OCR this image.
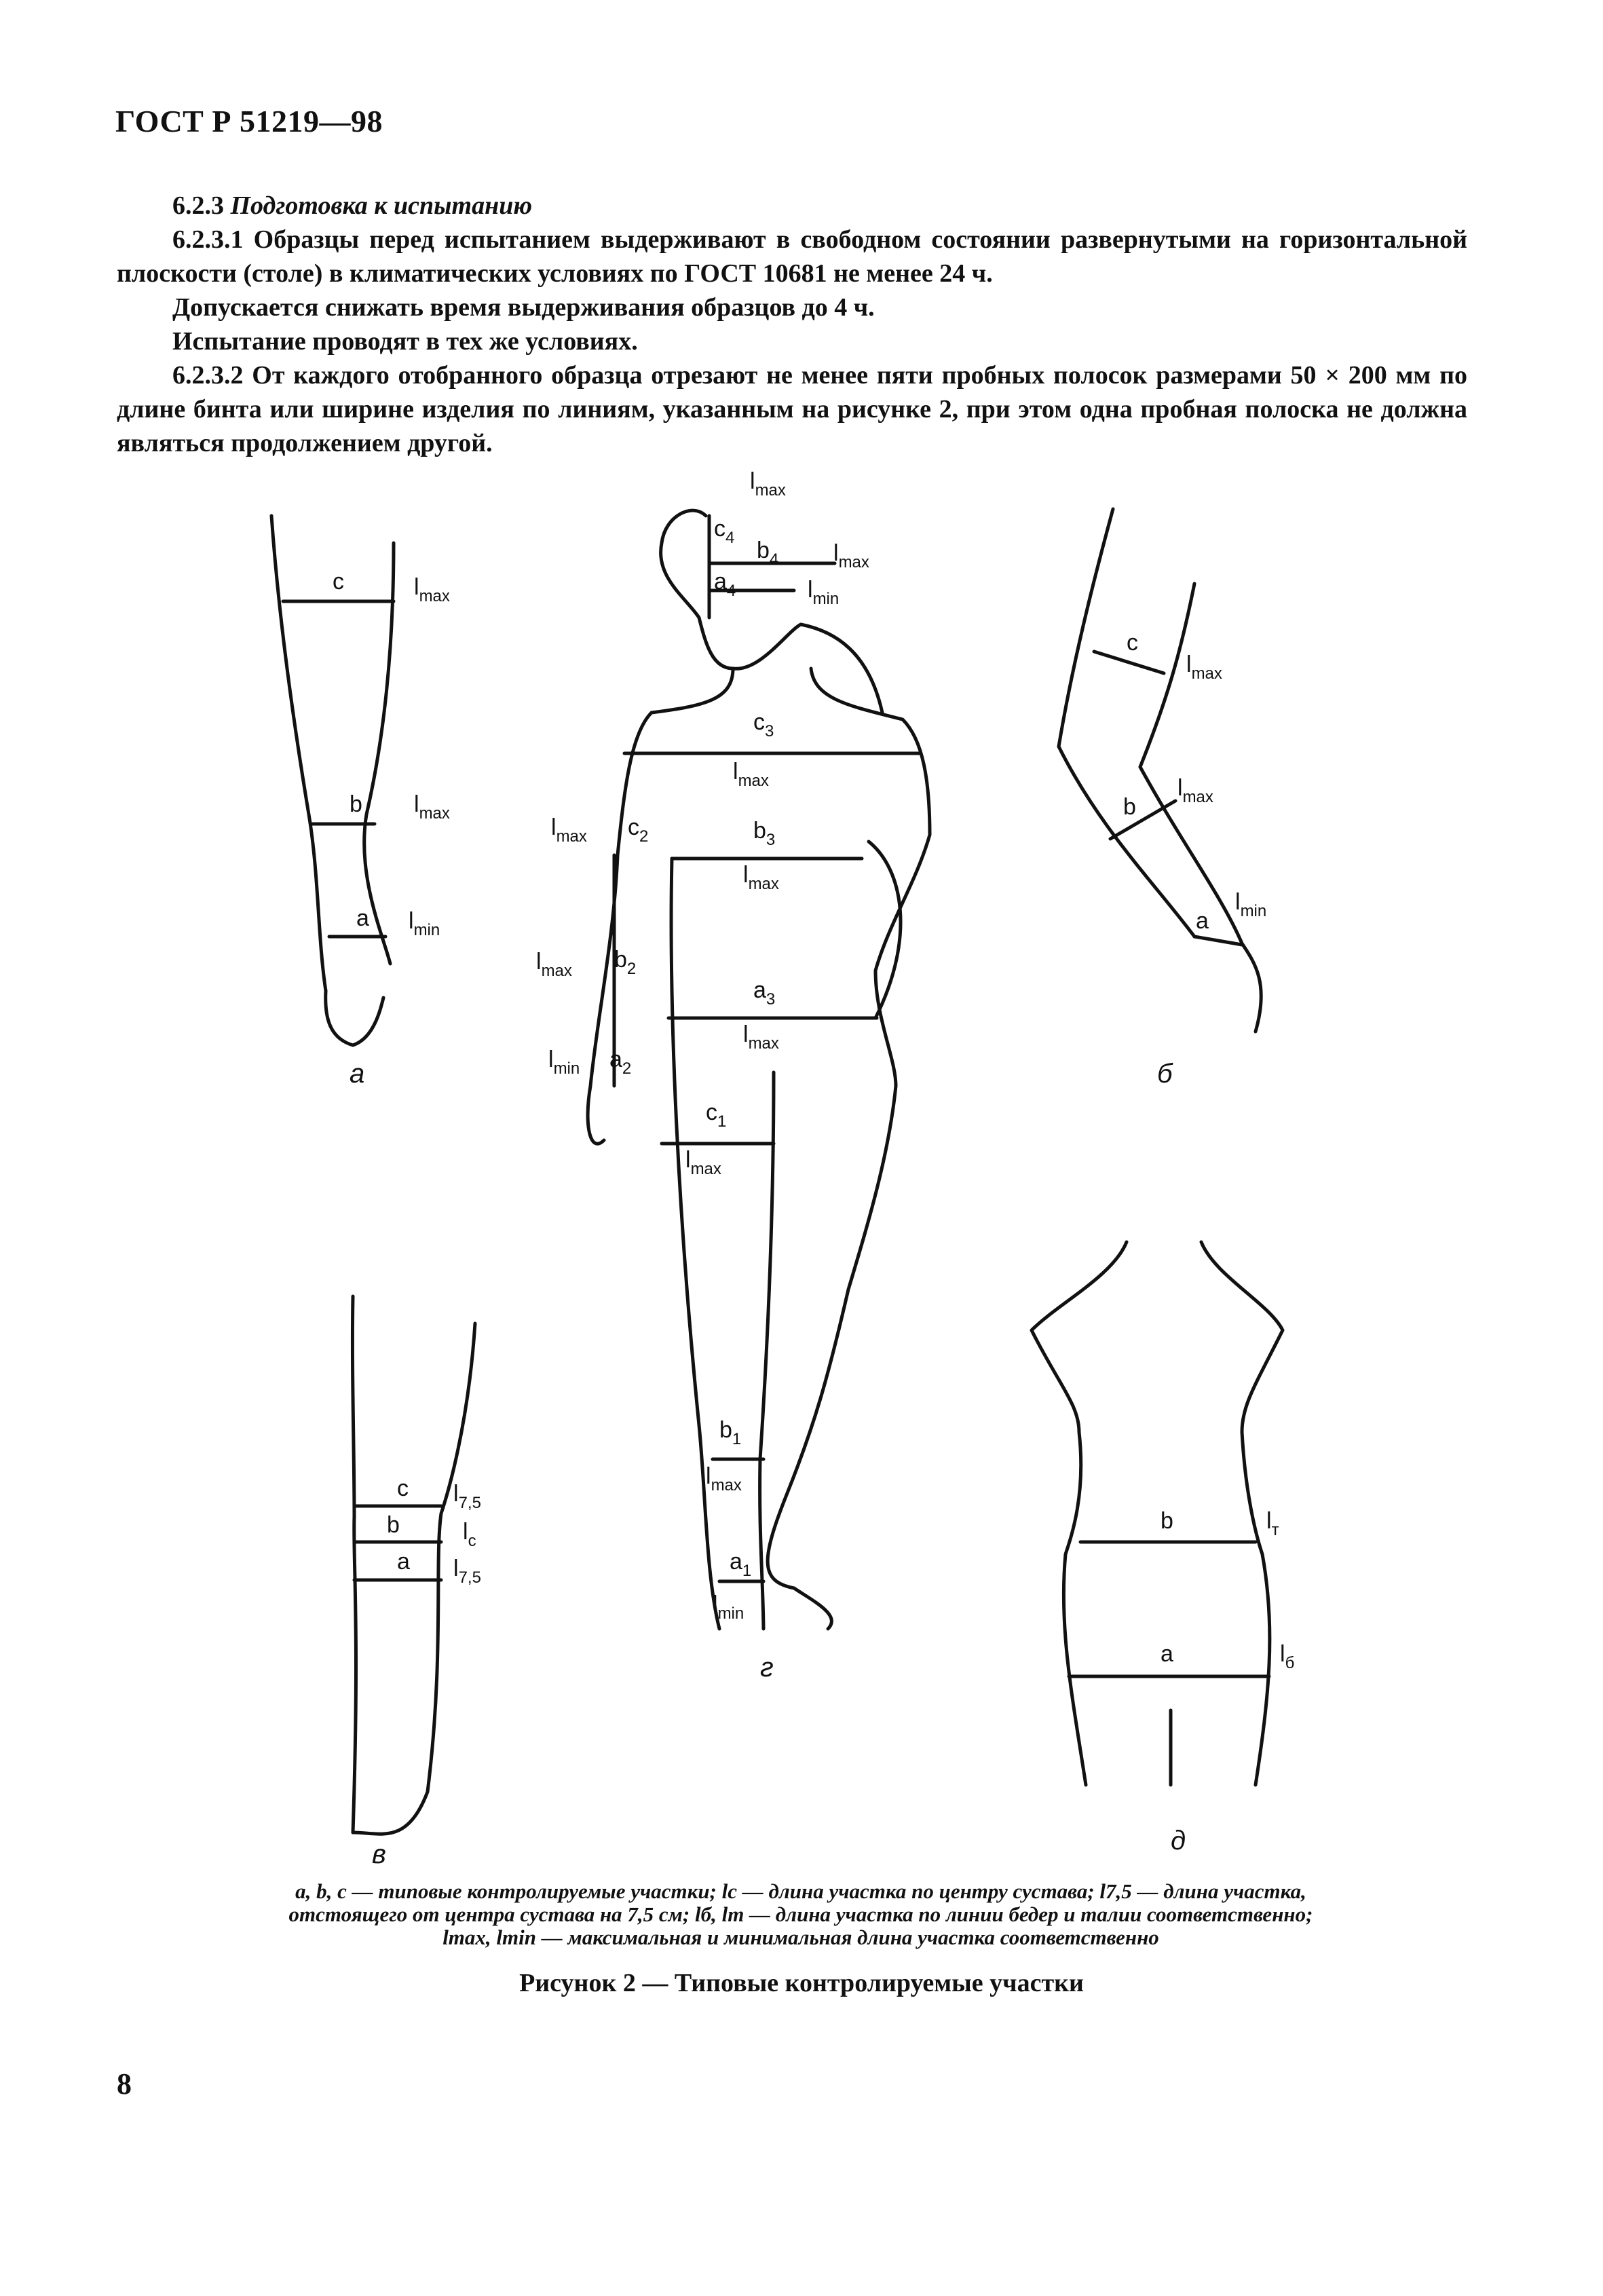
ГОСТ Р 51219—98

6.2.3 Подготовка к испытанию

6.2.3.1 Образцы перед испытанием выдерживают в свободном состоянии развернутыми на горизонтальной плоскости (столе) в климатических условиях по ГОСТ 10681 не менее 24 ч.

Допускается снижать время выдерживания образцов до 4 ч.

Испытание проводят в тех же условиях.

6.2.3.2 От каждого отобранного образца отрезают не менее пяти пробных полосок размерами 50 × 200 мм по длине бинта или ширине изделия по линиям, указанным на рисунке 2, при этом одна пробная полоска не должна являться продолжением другой.

а	б
г
в	д
c	$l_{max}$
b $l_{max}$
a $l_{min}$
c
$l_{max}$
b
$l_{max}$
a
$l_{min}$
$l_{max}$
$c_4$ $b_4$ $l_{max}$
$a_4$	$l_{min}$
$c_3$
$l_{max}$
$l_{max}$ $c_2$	$b_3$
$l_{max}$
$l_{max}$ $b_2$
$a_3$
$l_{max}$
$l_{min}$ $a_2$
$c_1$
$l_{max}$
$b_1$
$l_{max}$
$a_1$
$l_{min}$
c $l_{7,5}$
b	$l_с$
a $l_{7,5}$
b	$l_т$
a	$l_б$
a, b, c — типовые контролируемые участки; lс — длина участка по центру сустава; l7,5 — длина участка, отстоящего от центра сустава на 7,5 см; lб, lт — длина участка по линии бедер и талии соответственно; lmax, lmin — максимальная и минимальная длина участка соответственно
Рисунок 2 — Типовые контролируемые участки
8
